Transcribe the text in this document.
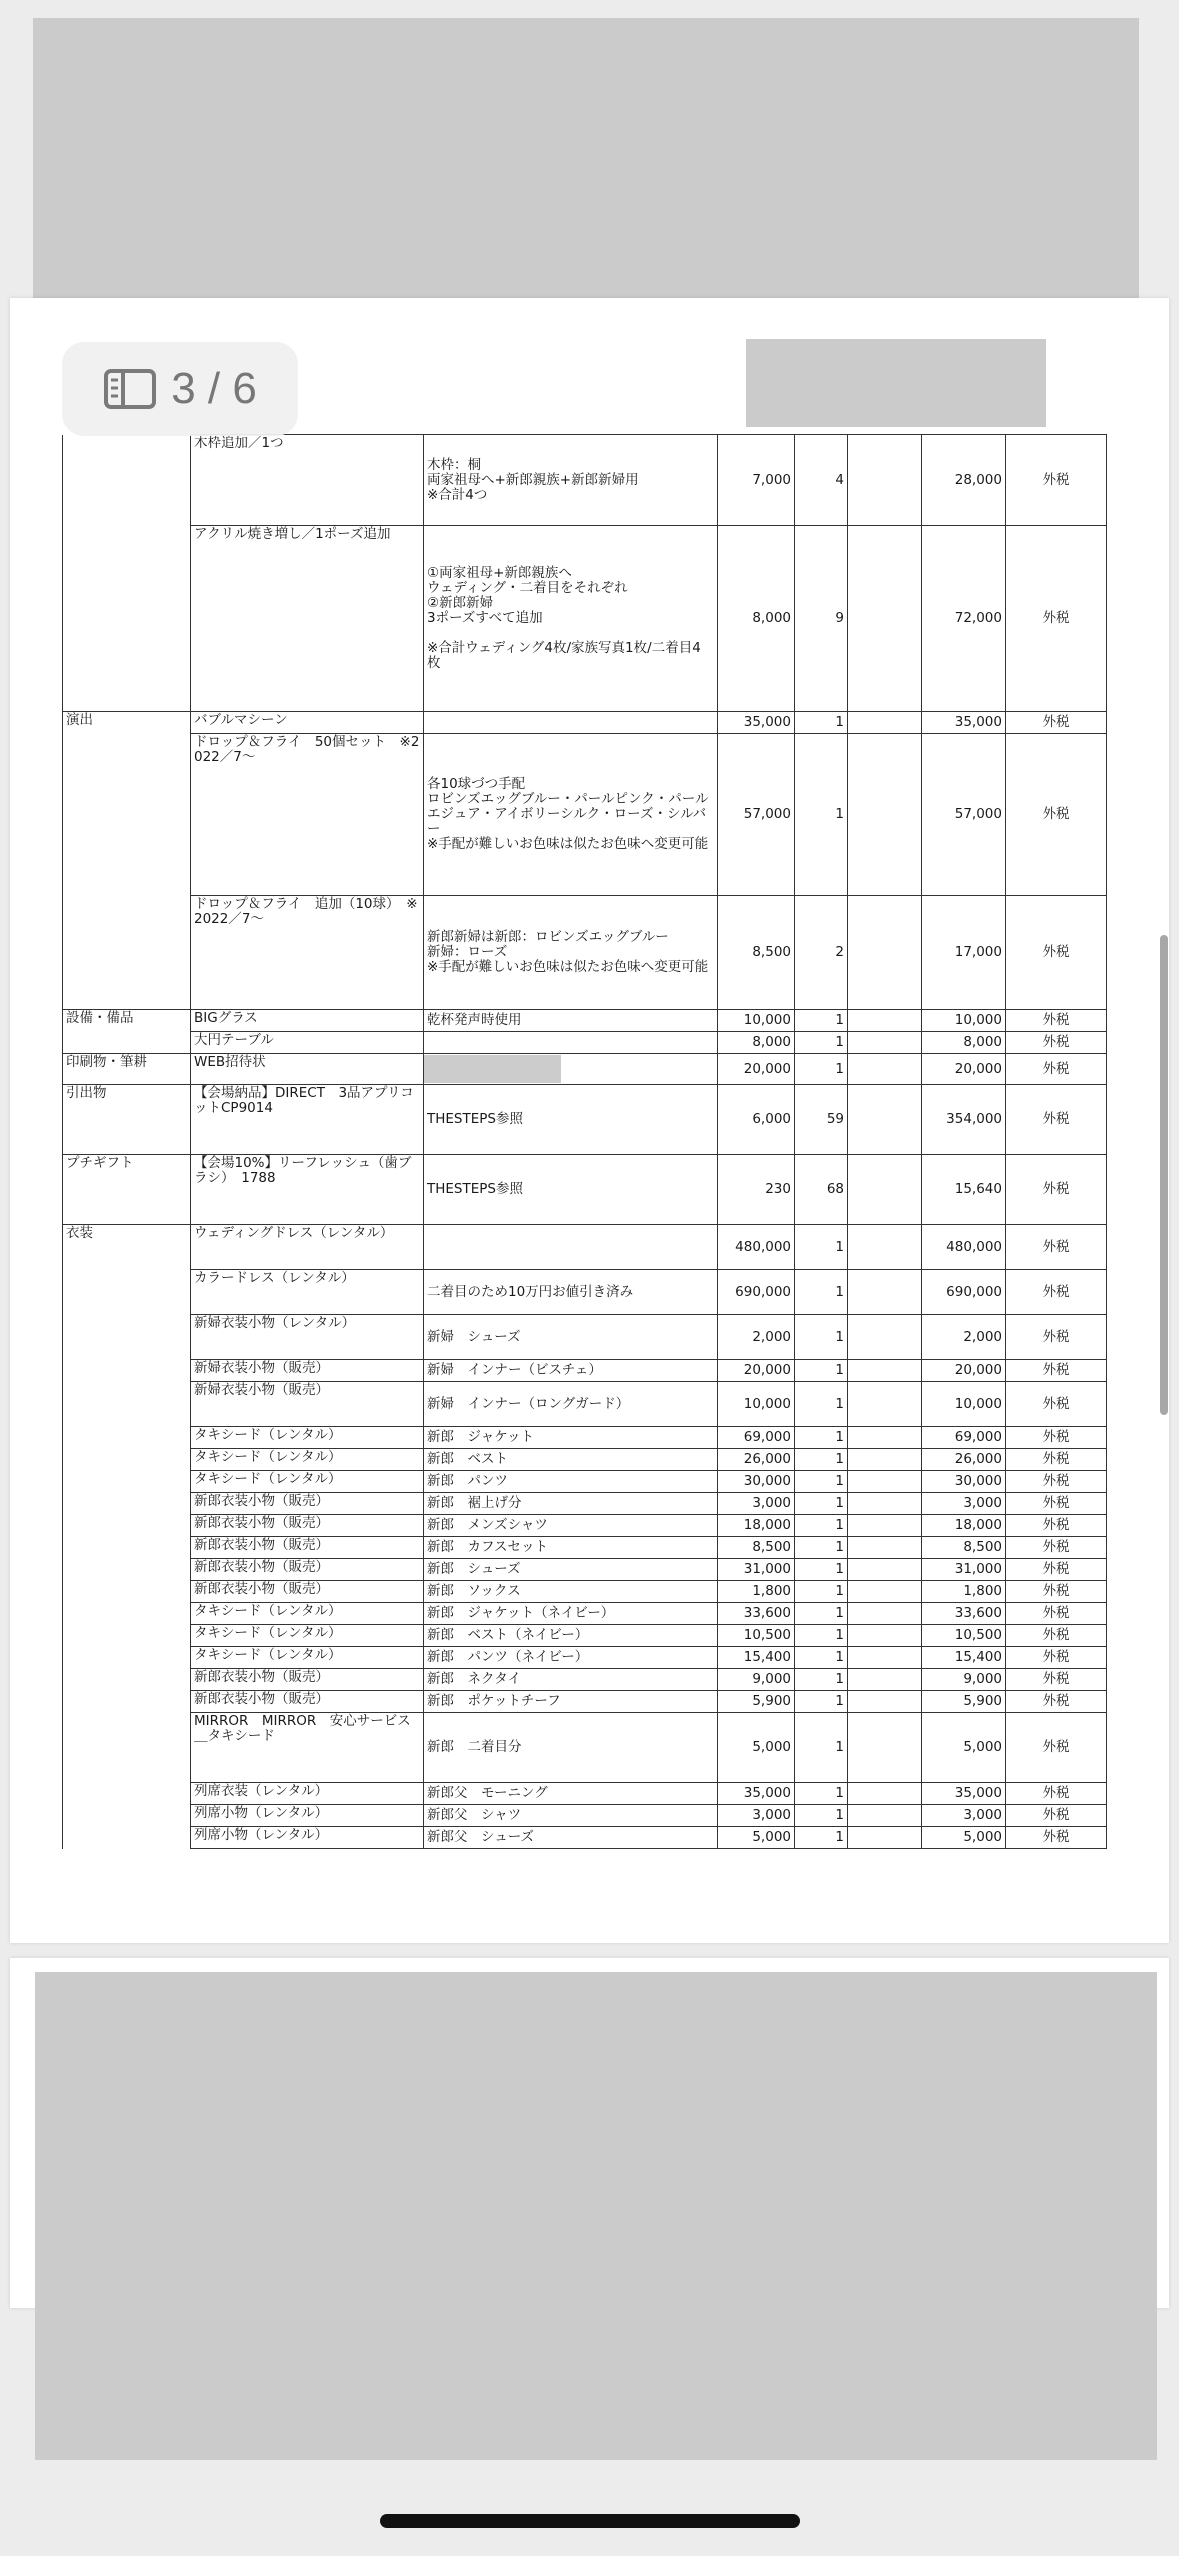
3 / 6
	木枠追加／1つ	木枠：桐
両家祖母へ+新郎親族+新郎新婦用
※合計4つ	7,000	4		28,000	外税
	アクリル焼き増し／1ポーズ追加	①両家祖母+新郎親族へ
ウェディング・二着目をそれぞれ
②新郎新婦
3ポーズすべて追加

※合計ウェディング4枚/家族写真1枚/二着目4枚	8,000	9		72,000	外税
演出	バブルマシーン		35,000	1		35,000	外税
	ドロップ＆フライ　50個セット　※2022／7〜	各10球づつ手配
ロビンズエッグブルー・パールピンク・パールエジュア・アイボリーシルク・ローズ・シルバー
※手配が難しいお色味は似たお色味へ変更可能	57,000	1		57,000	外税
	ドロップ＆フライ　追加（10球）　※2022／7〜	新郎新婦は新郎：ロビンズエッグブルー
新婦：ローズ
※手配が難しいお色味は似たお色味へ変更可能	8,500	2		17,000	外税
設備・備品	BIGグラス	乾杯発声時使用	10,000	1		10,000	外税
	大円テーブル		8,000	1		8,000	外税
印刷物・筆耕	WEB招待状		20,000	1		20,000	外税
引出物	【会場納品】DIRECT　3品アプリコットCP9014	THESTEPS参照	6,000	59		354,000	外税
プチギフト	【会場10%】リーフレッシュ（歯ブラシ）　1788	THESTEPS参照	230	68		15,640	外税
衣装	ウェディングドレス（レンタル）		480,000	1		480,000	外税
	カラードレス（レンタル）	二着目のため10万円お値引き済み	690,000	1		690,000	外税
	新婦衣装小物（レンタル）	新婦　シューズ	2,000	1		2,000	外税
	新婦衣装小物（販売）	新婦　インナー（ビスチェ）	20,000	1		20,000	外税
	新婦衣装小物（販売）	新婦　インナー（ロングガード）	10,000	1		10,000	外税
	タキシード（レンタル）	新郎　ジャケット	69,000	1		69,000	外税
	タキシード（レンタル）	新郎　ベスト	26,000	1		26,000	外税
	タキシード（レンタル）	新郎　パンツ	30,000	1		30,000	外税
	新郎衣装小物（販売）	新郎　裾上げ分	3,000	1		3,000	外税
	新郎衣装小物（販売）	新郎　メンズシャツ	18,000	1		18,000	外税
	新郎衣装小物（販売）	新郎　カフスセット	8,500	1		8,500	外税
	新郎衣装小物（販売）	新郎　シューズ	31,000	1		31,000	外税
	新郎衣装小物（販売）	新郎　ソックス	1,800	1		1,800	外税
	タキシード（レンタル）	新郎　ジャケット（ネイビー）	33,600	1		33,600	外税
	タキシード（レンタル）	新郎　ベスト（ネイビー）	10,500	1		10,500	外税
	タキシード（レンタル）	新郎　パンツ（ネイビー）	15,400	1		15,400	外税
	新郎衣装小物（販売）	新郎　ネクタイ	9,000	1		9,000	外税
	新郎衣装小物（販売）	新郎　ポケットチーフ	5,900	1		5,900	外税
	MIRROR　MIRROR　安心サービス＿タキシード	新郎　二着目分	5,000	1		5,000	外税
	列席衣装（レンタル）	新郎父　モーニング	35,000	1		35,000	外税
	列席小物（レンタル）	新郎父　シャツ	3,000	1		3,000	外税
	列席小物（レンタル）	新郎父　シューズ	5,000	1		5,000	外税
